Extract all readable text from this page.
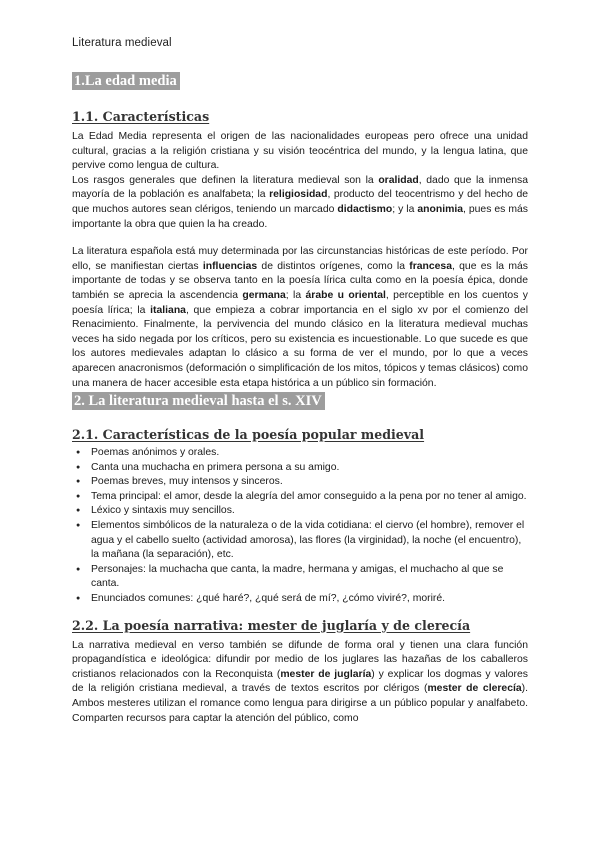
Literatura medieval
1.La edad media
1.1. Características

La Edad Media representa el origen de las nacionalidades europeas pero ofrece una unidad cultural, gracias a la religión cristiana y su visión teocéntrica del mundo, y la lengua latina, que pervive como lengua de cultura.

Los rasgos generales que definen la literatura medieval son la oralidad, dado que la inmensa mayoría de la población es analfabeta; la religiosidad, producto del teocentrismo y del hecho de que muchos autores sean clérigos, teniendo un marcado didactismo; y la anonimia, pues es más importante la obra que quien la ha creado.

La literatura española está muy determinada por las circunstancias históricas de este período. Por ello, se manifiestan ciertas influencias de distintos orígenes, como la francesa, que es la más importante de todas y se observa tanto en la poesía lírica culta como en la poesía épica, donde también se aprecia la ascendencia germana; la árabe u oriental, perceptible en los cuentos y poesía lírica; la italiana, que empieza a cobrar importancia en el siglo xv por el comienzo del Renacimiento. Finalmente, la pervivencia del mundo clásico en la literatura medieval muchas veces ha sido negada por los críticos, pero su existencia es incuestionable. Lo que sucede es que los autores medievales adaptan lo clásico a su forma de ver el mundo, por lo que a veces aparecen anacronismos (deformación o simplificación de los mitos, tópicos y temas clásicos) como una manera de hacer accesible esta etapa histórica a un público sin formación.

2. La literatura medieval hasta el s. XIV
2.1. Características de la poesía popular medieval
● Poemas anónimos y orales.
● Canta una muchacha en primera persona a su amigo.
● Poemas breves, muy intensos y sinceros.
● Tema principal: el amor, desde la alegría del amor conseguido a la pena por no tener al amigo.
● Léxico y sintaxis muy sencillos.
● Elementos simbólicos de la naturaleza o de la vida cotidiana: el ciervo (el hombre), remover el agua y el cabello suelto (actividad amorosa), las flores (la virginidad), la noche (el encuentro), la mañana (la separación), etc.
● Personajes: la muchacha que canta, la madre, hermana y amigas, el muchacho al que se canta.
● Enunciados comunes: ¿qué haré?, ¿qué será de mí?, ¿cómo viviré?, moriré.
2.2. La poesía narrativa: mester de juglaría y de clerecía

La narrativa medieval en verso también se difunde de forma oral y tienen una clara función propagandística e ideológica: difundir por medio de los juglares las hazañas de los caballeros cristianos relacionados con la Reconquista (mester de juglaría) y explicar los dogmas y valores de la religión cristiana medieval, a través de textos escritos por clérigos (mester de clerecía). Ambos mesteres utilizan el romance como lengua para dirigirse a un público popular y analfabeto. Comparten recursos para captar la atención del público, como
